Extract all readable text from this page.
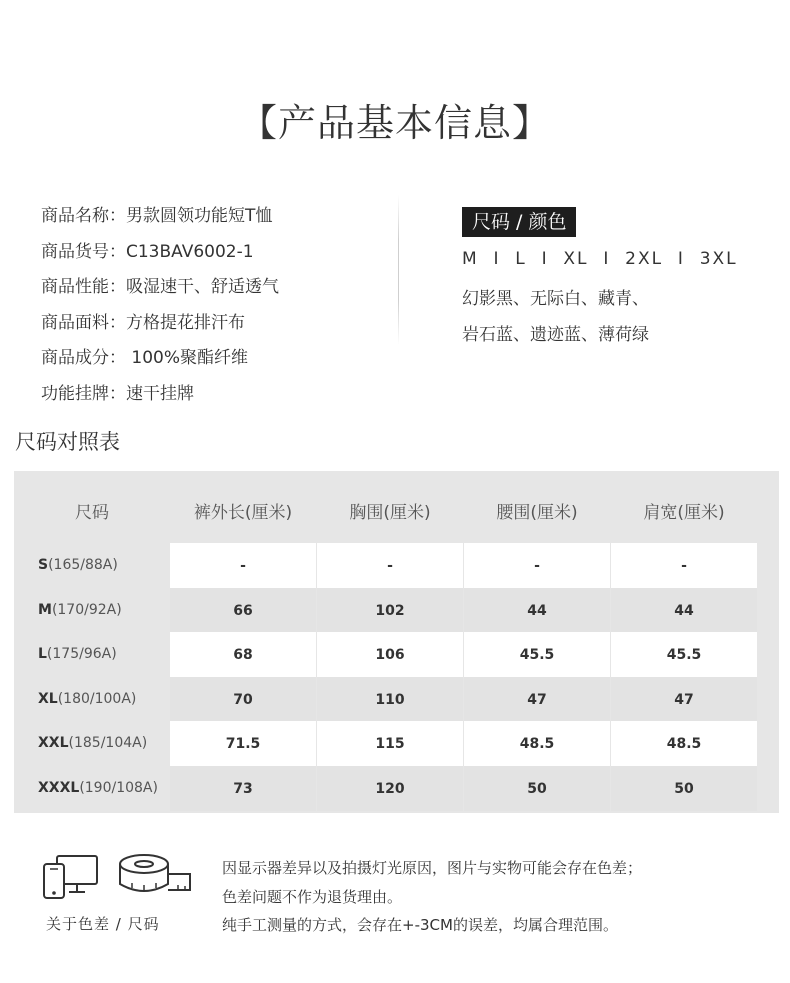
【产品基本信息】
商品名称：男款圆领功能短T恤
商品货号：C13BAV6002-1
商品性能：吸湿速干、舒适透气
商品面料：方格提花排汗布
商品成分： 100%聚酯纤维
功能挂牌：速干挂牌
尺码 / 颜色
M  I  L  I  XL  I  2XL  I  3XL
幻影黑、无际白、藏青、
岩石蓝、遗迹蓝、薄荷绿
尺码对照表
尺码	裤外长(厘米)	胸围(厘米)	腰围(厘米)	肩宽(厘米)
S(165/88A)	-	-	-	-
M(170/92A)	66	102	44	44
L(175/96A)	68	106	45.5	45.5
XL(180/100A)	70	110	47	47
XXL(185/104A)	71.5	115	48.5	48.5
XXXL(190/108A)	73	120	50	50
关于色差 / 尺码
因显示器差异以及拍摄灯光原因，图片与实物可能会存在色差；
色差问题不作为退货理由。
纯手工测量的方式，会存在+-3CM的误差，均属合理范围。
